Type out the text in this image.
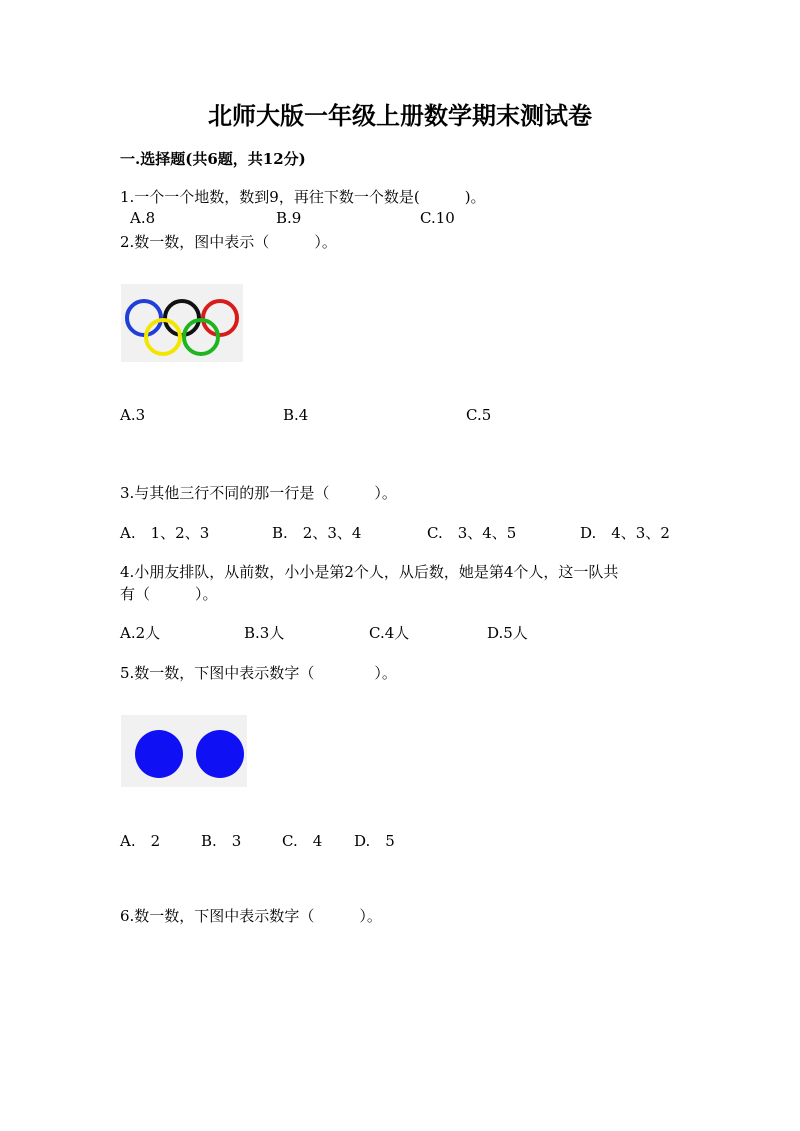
北师大版一年级上册数学期末测试卷
一.选择题(共6题，共12分)
1.一个一个地数，数到9，再往下数一个数是(　　　)。
A.8	B.9	C.10
2.数一数，图中表示（　　　）。
A.3	B.4	C.5
3.与其他三行不同的那一行是（　　　）。
A.　1、2、3	B.　2、3、4	C.　3、4、5	D.　4、3、2
4.小朋友排队，从前数，小小是第2个人，从后数，她是第4个人，这一队共
有（　　　）。
A.2人	B.3人	C.4人	D.5人
5.数一数，下图中表示数字（　　　　）。
A.　2	B.　3	C.　4 D.　5
6.数一数，下图中表示数字（　　　）。
